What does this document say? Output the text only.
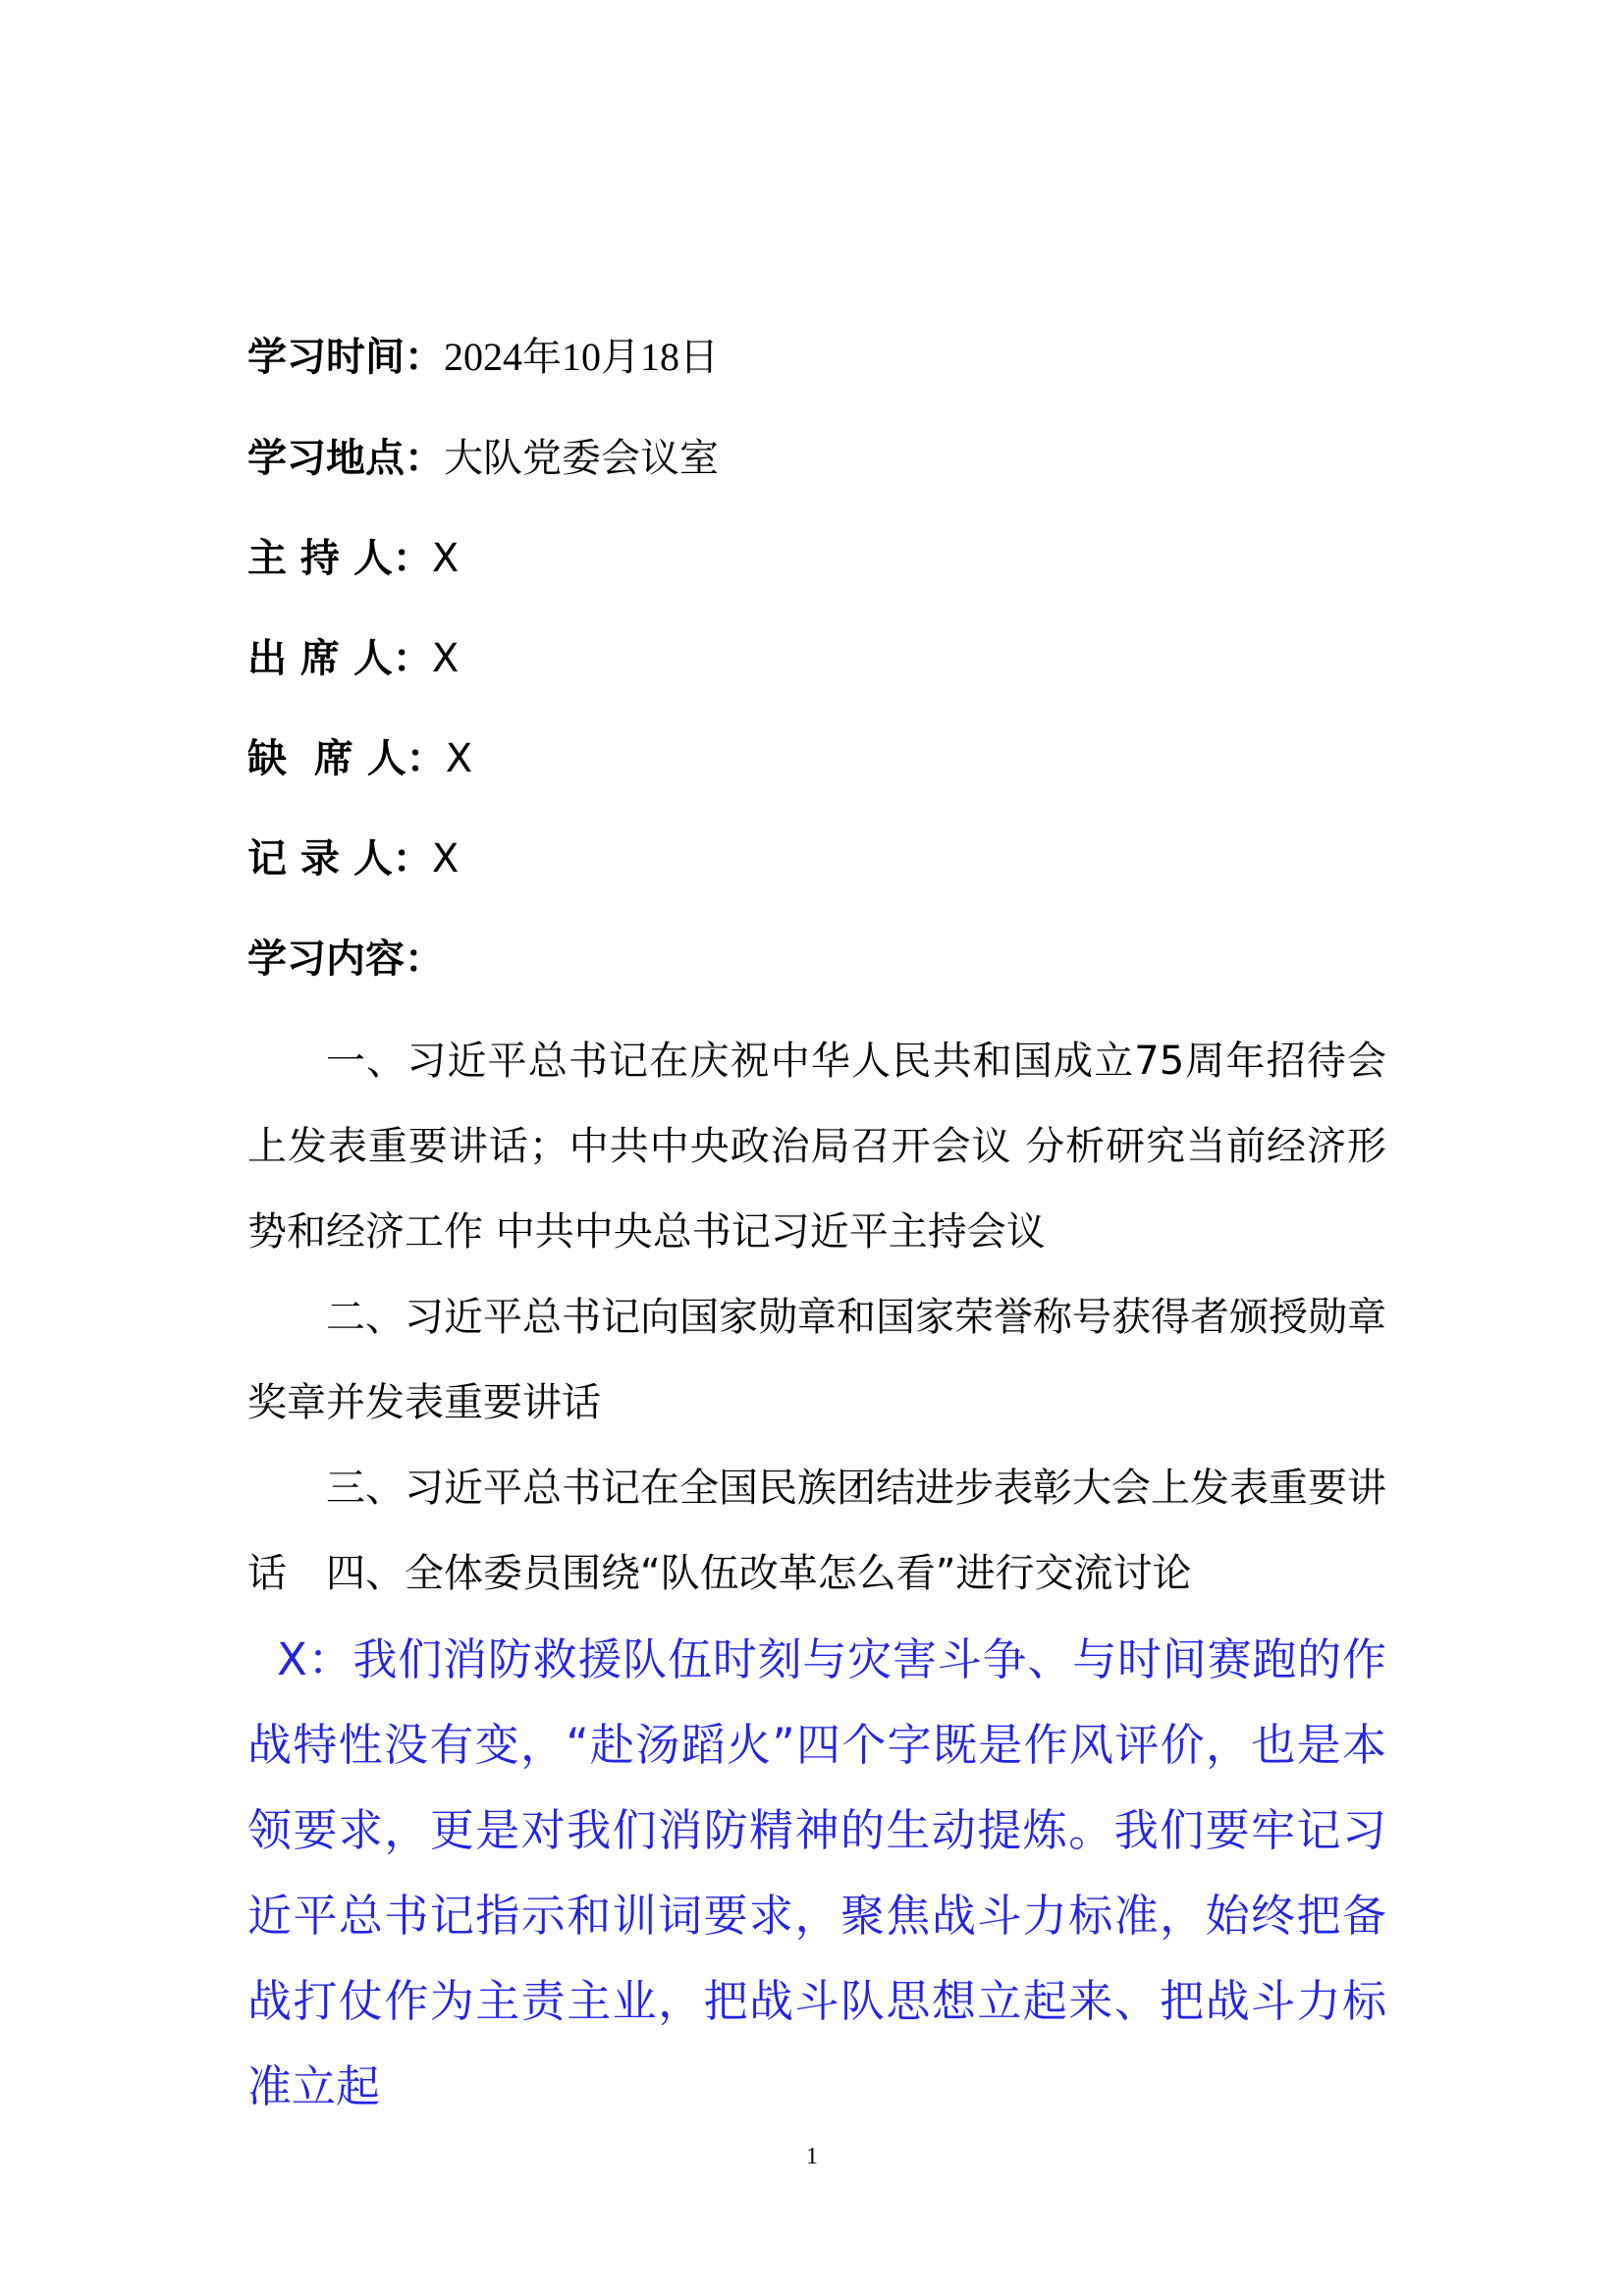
学习时间：2024年10月18日
学习地点：大队党委会议室
主 持 人：X
出 席 人：X
缺  席 人：X
记 录 人：X
学习内容：
一、习近平总书记在庆祝中华人民共和国成立75周年招待会上发表重要讲话；中共中央政治局召开会议 分析研究当前经济形势和经济工作 中共中央总书记习近平主持会议
二、习近平总书记向国家勋章和国家荣誉称号获得者颁授勋章奖章并发表重要讲话
三、习近平总书记在全国民族团结进步表彰大会上发表重要讲话	四、全体委员围绕“队伍改革怎么看”进行交流讨论
X：我们消防救援队伍时刻与灾害斗争、与时间赛跑的作战特性没有变，“赴汤蹈火”四个字既是作风评价，也是本领要求，更是对我们消防精神的生动提炼。我们要牢记习近平总书记指示和训词要求，聚焦战斗力标准，始终把备战打仗作为主责主业，把战斗队思想立起来、把战斗力标准立起
1
